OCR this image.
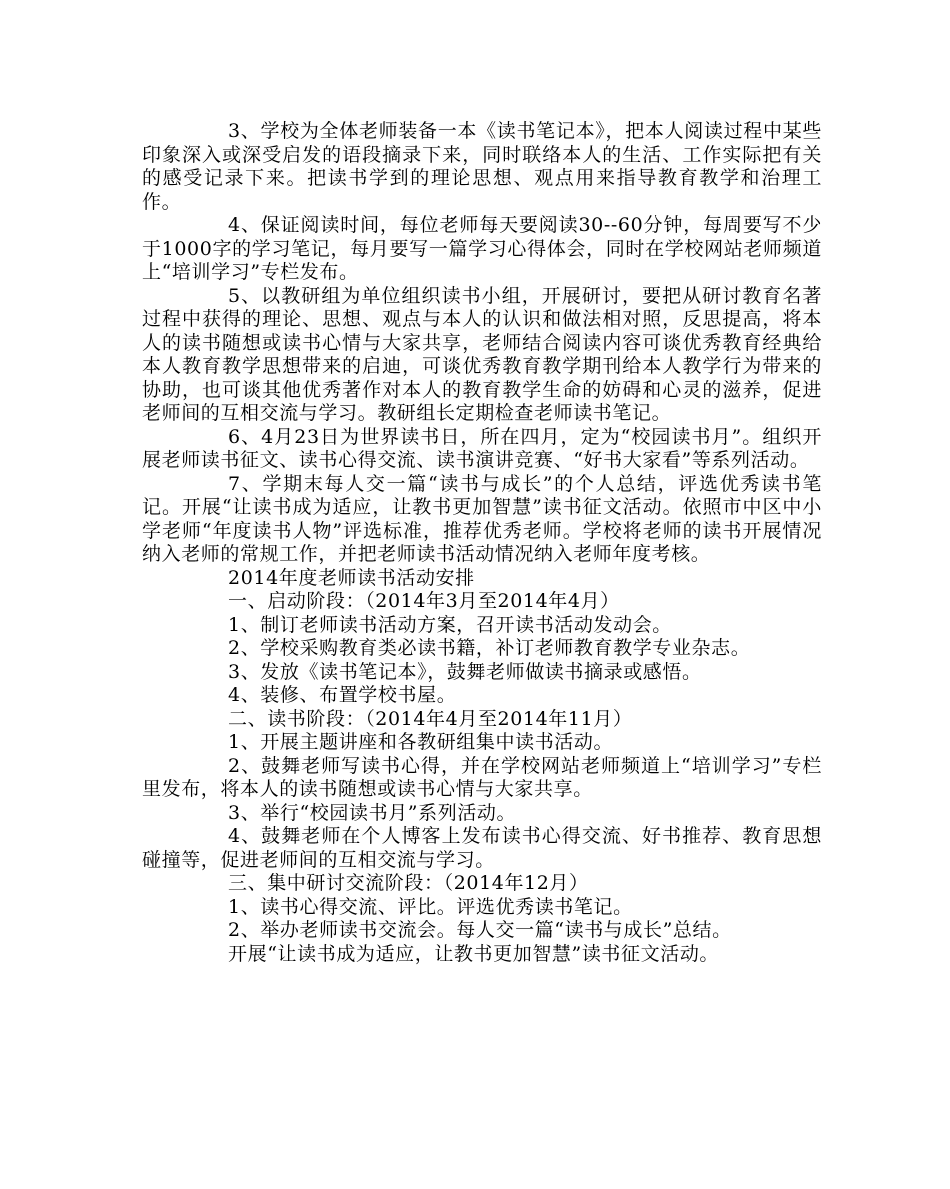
3、学校为全体老师装备一本《读书笔记本》，把本人阅读过程中某些印象深入或深受启发的语段摘录下来，同时联络本人的生活、工作实际把有关的感受记录下来。把读书学到的理论思想、观点用来指导教育教学和治理工作。

4、保证阅读时间，每位老师每天要阅读30--60分钟，每周要写不少于1000字的学习笔记，每月要写一篇学习心得体会，同时在学校网站老师频道上“培训学习”专栏发布。

5、以教研组为单位组织读书小组，开展研讨，要把从研讨教育名著过程中获得的理论、思想、观点与本人的认识和做法相对照，反思提高，将本人的读书随想或读书心情与大家共享，老师结合阅读内容可谈优秀教育经典给本人教育教学思想带来的启迪，可谈优秀教育教学期刊给本人教学行为带来的协助，也可谈其他优秀著作对本人的教育教学生命的妨碍和心灵的滋养，促进老师间的互相交流与学习。教研组长定期检查老师读书笔记。

6、4月23日为世界读书日，所在四月，定为“校园读书月”。组织开展老师读书征文、读书心得交流、读书演讲竞赛、“好书大家看”等系列活动。

7、学期末每人交一篇“读书与成长”的个人总结，评选优秀读书笔记。开展“让读书成为适应，让教书更加智慧”读书征文活动。依照市中区中小学老师“年度读书人物”评选标准，推荐优秀老师。学校将老师的读书开展情况纳入老师的常规工作，并把老师读书活动情况纳入老师年度考核。

2014年度老师读书活动安排

一、启动阶段：（2014年3月至2014年4月）

1、制订老师读书活动方案，召开读书活动发动会。

2、学校采购教育类必读书籍，补订老师教育教学专业杂志。

3、发放《读书笔记本》，鼓舞老师做读书摘录或感悟。

4、装修、布置学校书屋。

二、读书阶段：（2014年4月至2014年11月）

1、开展主题讲座和各教研组集中读书活动。

2、鼓舞老师写读书心得，并在学校网站老师频道上“培训学习”专栏里发布，将本人的读书随想或读书心情与大家共享。

3、举行“校园读书月”系列活动。

4、鼓舞老师在个人博客上发布读书心得交流、好书推荐、教育思想碰撞等，促进老师间的互相交流与学习。

三、集中研讨交流阶段：（2014年12月）

1、读书心得交流、评比。评选优秀读书笔记。

2、举办老师读书交流会。每人交一篇“读书与成长”总结。

开展“让读书成为适应，让教书更加智慧”读书征文活动。
